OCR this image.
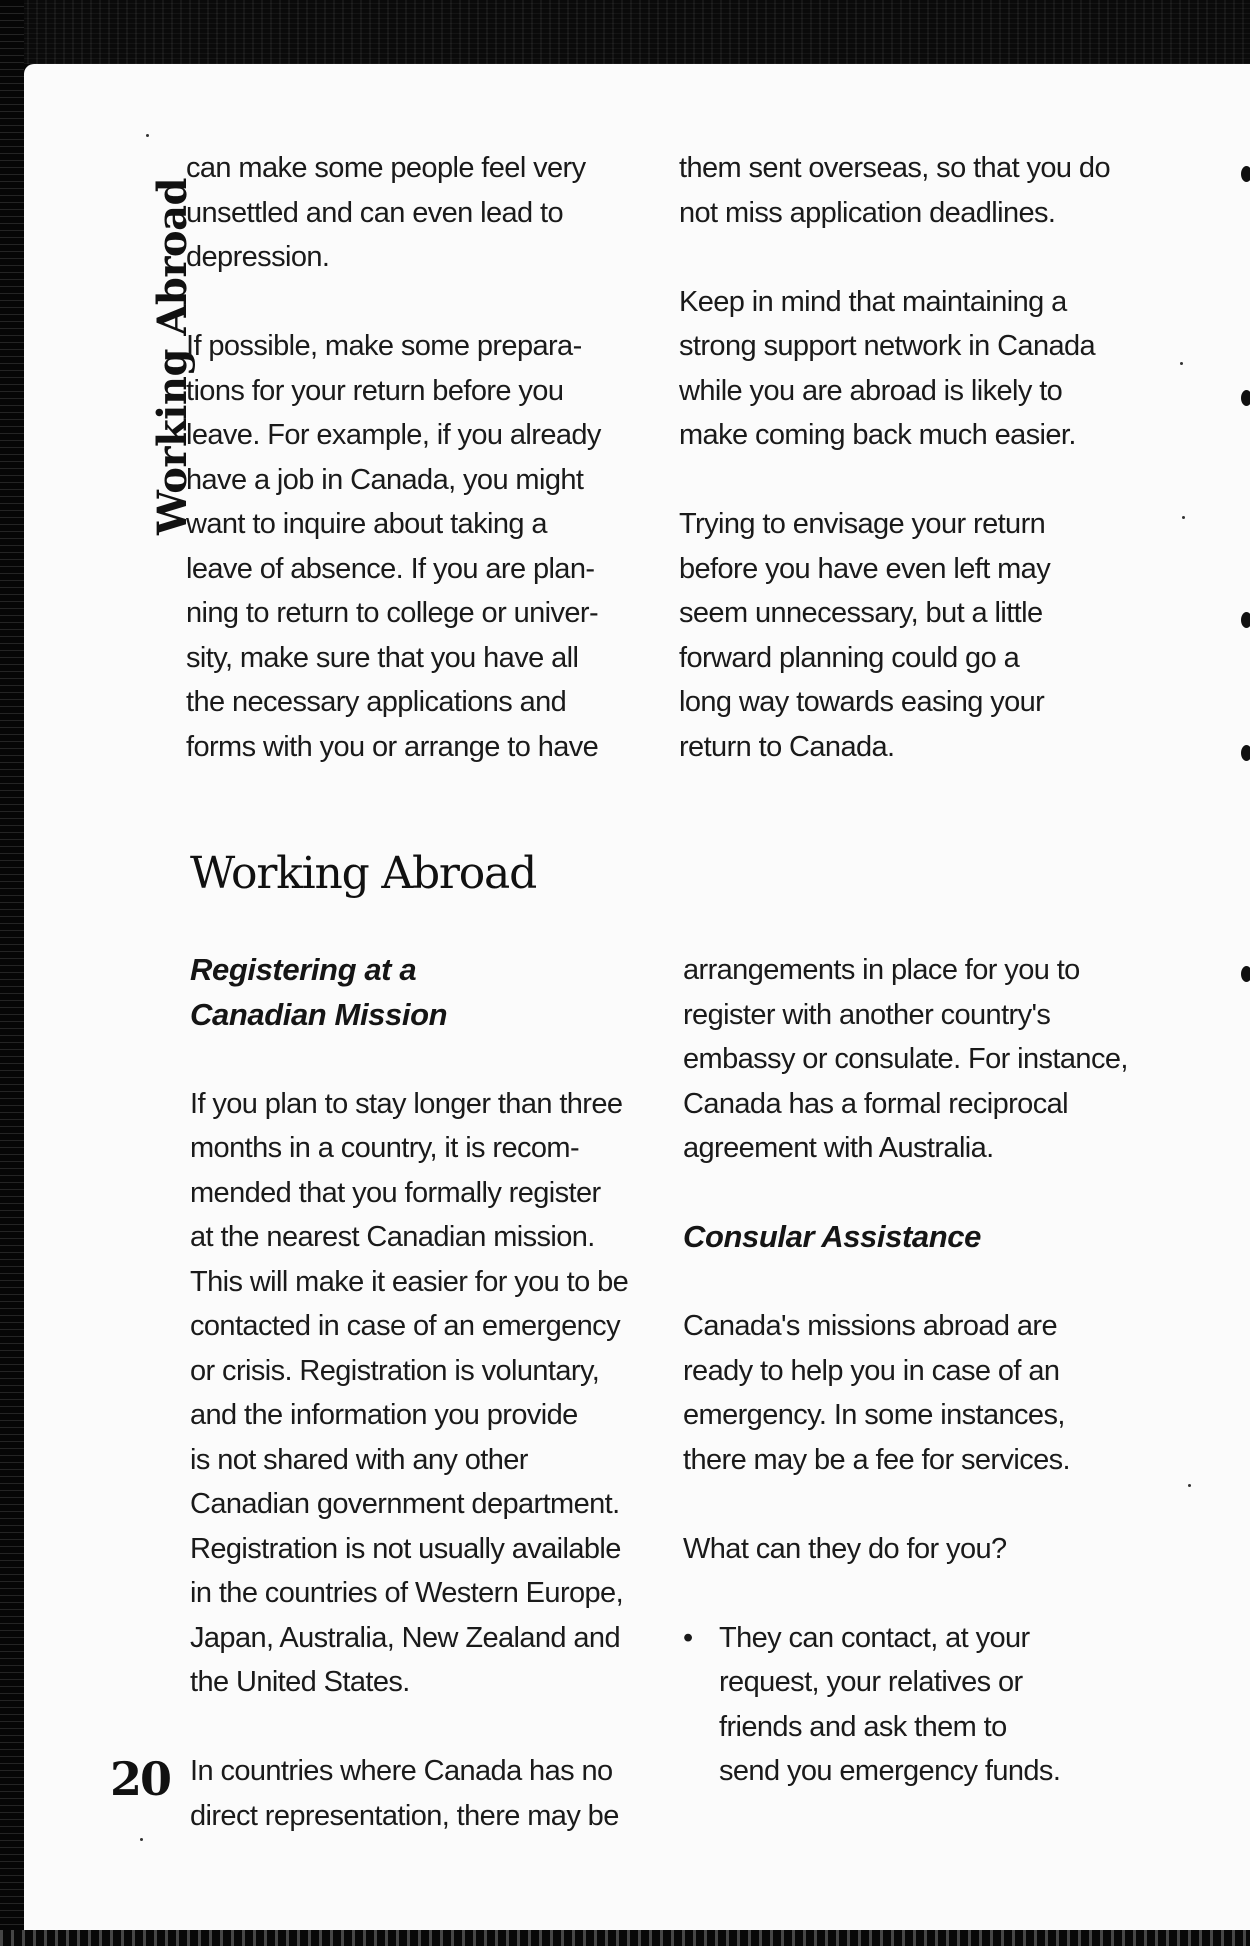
Working Abroad

can make some people feel very
unsettled and can even lead to
depression.

If possible, make some prepara-
tions for your return before you
leave. For example, if you already
have a job in Canada, you might
want to inquire about taking a
leave of absence. If you are plan-
ning to return to college or univer-
sity, make sure that you have all
the necessary applications and
forms with you or arrange to have

them sent overseas, so that you do
not miss application deadlines.

Keep in mind that maintaining a
strong support network in Canada
while you are abroad is likely to
make coming back much easier.

Trying to envisage your return
before you have even left may
seem unnecessary, but a little
forward planning could go a
long way towards easing your
return to Canada.

Working Abroad

Registering at a
Canadian Mission

If you plan to stay longer than three
months in a country, it is recom-
mended that you formally register
at the nearest Canadian mission.
This will make it easier for you to be
contacted in case of an emergency
or crisis. Registration is voluntary,
and the information you provide
is not shared with any other
Canadian government department.
Registration is not usually available
in the countries of Western Europe,
Japan, Australia, New Zealand and
the United States.

In countries where Canada has no
direct representation, there may be

arrangements in place for you to
register with another country's
embassy or consulate. For instance,
Canada has a formal reciprocal
agreement with Australia.

Consular Assistance

Canada's missions abroad are
ready to help you in case of an
emergency. In some instances,
there may be a fee for services.

What can they do for you?

• They can contact, at your
request, your relatives or
friends and ask them to
send you emergency funds.

20
